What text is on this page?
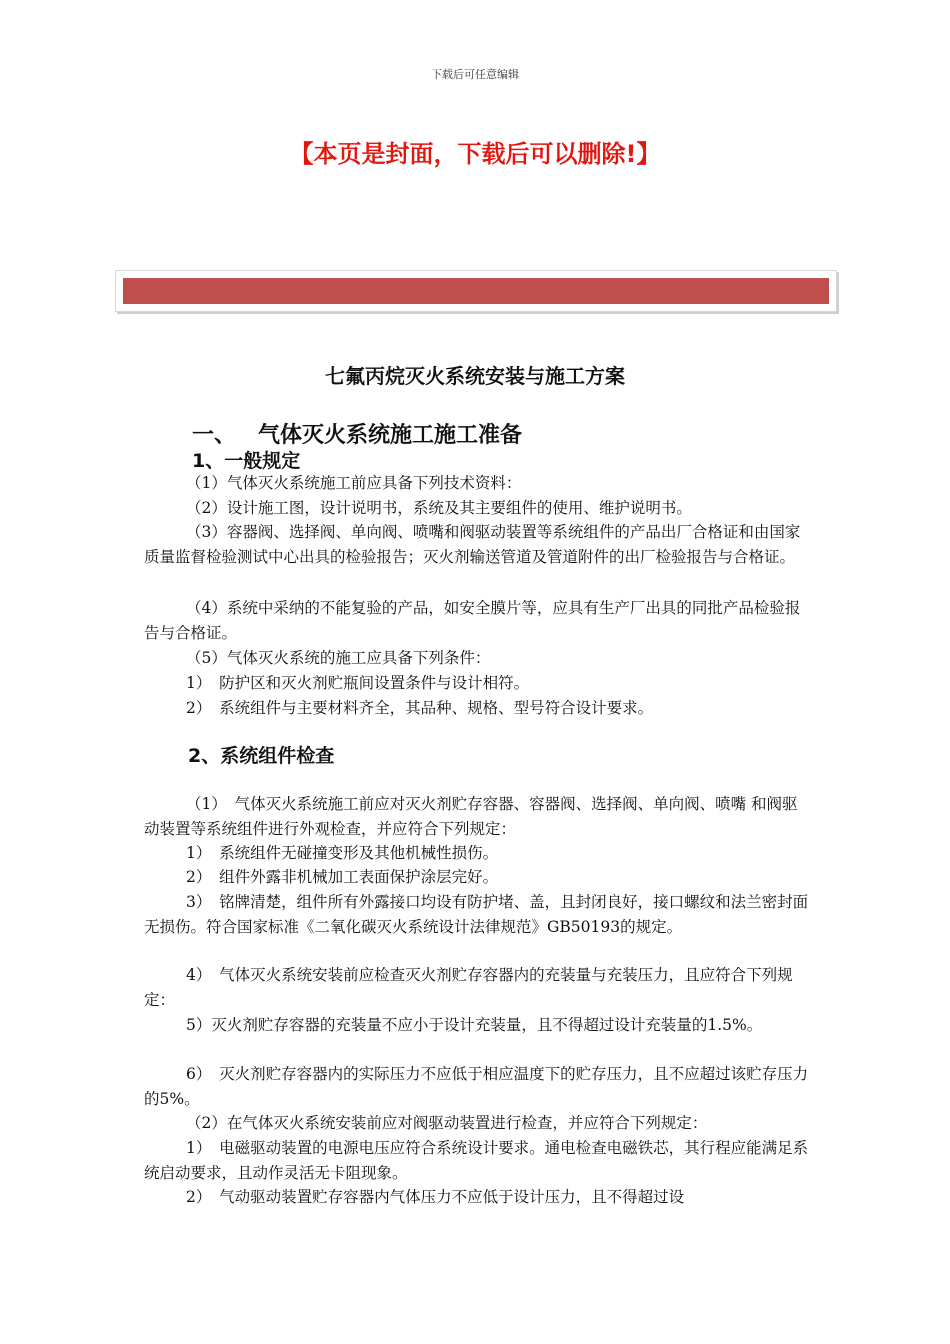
下载后可任意编辑
【本页是封面，下载后可以删除!】
七氟丙烷灭火系统安装与施工方案
一、 气体灭火系统施工施工准备
1、一般规定
（1）气体灭火系统施工前应具备下列技术资料：
（2）设计施工图，设计说明书，系统及其主要组件的使用、维护说明书。
（3）容器阀、选择阀、单向阀、喷嘴和阀驱动装置等系统组件的产品出厂合格证和由国家质量监督检验测试中心出具的检验报告；灭火剂输送管道及管道附件的出厂检验报告与合格证。
（4）系统中采纳的不能复验的产品，如安全膜片等，应具有生产厂出具的同批产品检验报告与合格证。
（5）气体灭火系统的施工应具备下列条件：
1）　防护区和灭火剂贮瓶间设置条件与设计相符。
2）　系统组件与主要材料齐全，其品种、规格、型号符合设计要求。
2、系统组件检查
（1）　气体灭火系统施工前应对灭火剂贮存容器、容器阀、选择阀、单向阀、喷嘴 和阀驱动装置等系统组件进行外观检查，并应符合下列规定：
1）　系统组件无碰撞变形及其他机械性损伤。
2）　组件外露非机械加工表面保护涂层完好。
3）　铭牌清楚，组件所有外露接口均设有防护堵、盖，且封闭良好，接口螺纹和法兰密封面无损伤。符合国家标准《二氧化碳灭火系统设计法律规范》GB50193的规定。
4）　气体灭火系统安装前应检查灭火剂贮存容器内的充装量与充装压力，且应符合下列规定：
5）灭火剂贮存容器的充装量不应小于设计充装量，且不得超过设计充装量的1.5%。
6）　灭火剂贮存容器内的实际压力不应低于相应温度下的贮存压力，且不应超过该贮存压力的5%。
（2）在气体灭火系统安装前应对阀驱动装置进行检查，并应符合下列规定：
1）　电磁驱动装置的电源电压应符合系统设计要求。通电检查电磁铁芯，其行程应能满足系统启动要求，且动作灵活无卡阻现象。
2）　气动驱动装置贮存容器内气体压力不应低于设计压力，且不得超过设
